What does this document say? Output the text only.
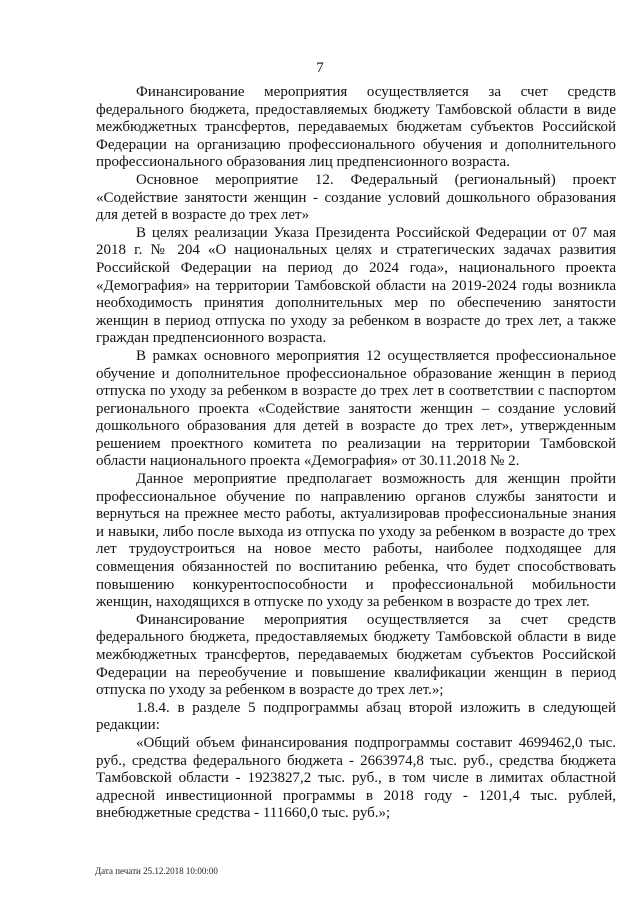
7

Финансирование мероприятия осуществляется за счет средств федерального бюджета, предоставляемых бюджету Тамбовской области в виде межбюджетных трансфертов, передаваемых бюджетам субъектов Российской Федерации на организацию профессионального обучения и дополнительного профессионального образования лиц предпенсионного возраста.

Основное мероприятие 12. Федеральный (региональный) проект «Содействие занятости женщин - создание условий дошкольного образования для детей в возрасте до трех лет»

В целях реализации Указа Президента Российской Федерации от 07 мая 2018 г. № 204 «О национальных целях и стратегических задачах развития Российской Федерации на период до 2024 года», национального проекта «Демография» на территории Тамбовской области на 2019-2024 годы возникла необходимость принятия дополнительных мер по обеспечению занятости женщин в период отпуска по уходу за ребенком в возрасте до трех лет, а также граждан предпенсионного возраста.

В рамках основного мероприятия 12 осуществляется профессиональное обучение и дополнительное профессиональное образование женщин в период отпуска по уходу за ребенком в возрасте до трех лет в соответствии с паспортом регионального проекта «Содействие занятости женщин – создание условий дошкольного образования для детей в возрасте до трех лет», утвержденным решением проектного комитета по реализации на территории Тамбовской области национального проекта «Демография» от 30.11.2018 № 2.

Данное мероприятие предполагает возможность для женщин пройти профессиональное обучение по направлению органов службы занятости и вернуться на прежнее место работы, актуализировав профессиональные знания и навыки, либо после выхода из отпуска по уходу за ребенком в возрасте до трех лет трудоустроиться на новое место работы, наиболее подходящее для совмещения обязанностей по воспитанию ребенка, что будет способствовать повышению конкурентоспособности и профессиональной мобильности женщин, находящихся в отпуске по уходу за ребенком в возрасте до трех лет.

Финансирование мероприятия осуществляется за счет средств федерального бюджета, предоставляемых бюджету Тамбовской области в виде межбюджетных трансфертов, передаваемых бюджетам субъектов Российской Федерации на переобучение и повышение квалификации женщин в период отпуска по уходу за ребенком в возрасте до трех лет.»;

1.8.4. в разделе 5 подпрограммы абзац второй изложить в следующей редакции:

«Общий объем финансирования подпрограммы составит 4699462,0 тыс. руб., средства федерального бюджета - 2663974,8 тыс. руб., средства бюджета Тамбовской области - 1923827,2 тыс. руб., в том числе в лимитах областной адресной инвестиционной программы в 2018 году - 1201,4 тыс. рублей, внебюджетные средства - 111660,0 тыс. руб.»;

Дата печати 25.12.2018 10:00:00
